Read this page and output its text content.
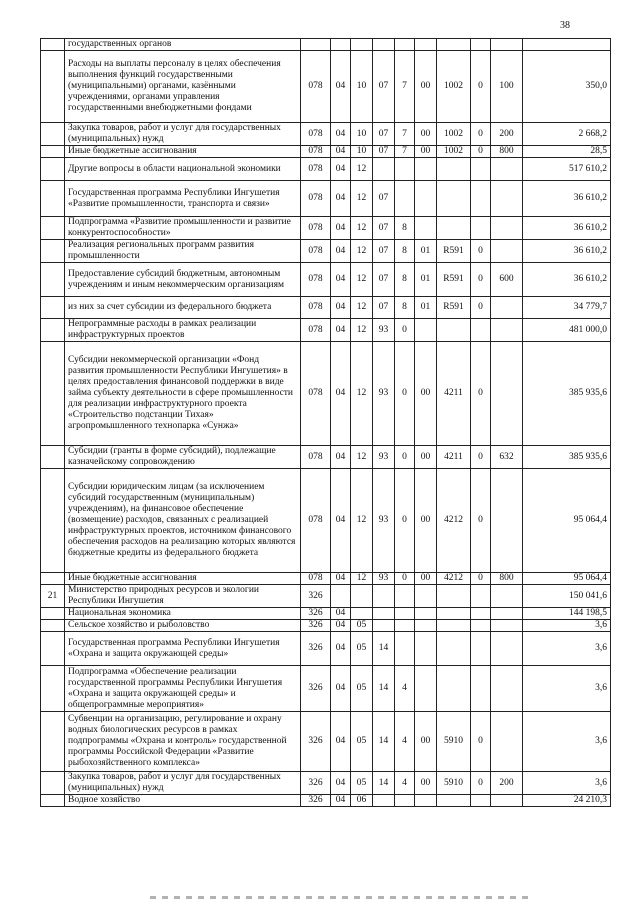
38
	государственных органов										
	Расходы на выплаты персоналу в целях обеспечения выполнения функций государственными (муниципальными) органами, казёнными учреждениями, органами управления государственными внебюджетными фондами	078	04	10	07	7	00	1002	0	100	350,0
	Закупка товаров, работ и услуг для государственных (муниципальных) нужд	078	04	10	07	7	00	1002	0	200	2 668,2
	Иные бюджетные ассигнования	078	04	10	07	7	00	1002	0	800	28,5
	Другие вопросы в области национальной экономики	078	04	12							517 610,2
	Государственная программа Республики Ингушетия «Развитие промышленности, транспорта и связи»	078	04	12	07						36 610,2
	Подпрограмма «Развитие промышленности и развитие конкурентоспособности»	078	04	12	07	8					36 610,2
	Реализация региональных программ развития промышленности	078	04	12	07	8	01	R591	0		36 610,2
	Предоставление субсидий бюджетным, автономным учреждениям и иным некоммерческим организациям	078	04	12	07	8	01	R591	0	600	36 610,2
	из них за счет субсидии из федерального бюджета	078	04	12	07	8	01	R591	0		34 779,7
	Непрограммные расходы в рамках реализации инфраструктурных проектов	078	04	12	93	0					481 000,0
	Субсидии некоммерческой организации «Фонд развития промышленности Республики Ингушетия» в целях предоставления финансовой поддержки в виде займа субъекту деятельности в сфере промышленности для реализации инфраструктурного проекта «Строительство подстанции Тихая» агропромышленного технопарка «Сунжа»	078	04	12	93	0	00	4211	0		385 935,6
	Субсидии (гранты в форме субсидий), подлежащие казначейскому сопровождению	078	04	12	93	0	00	4211	0	632	385 935,6
	Субсидии юридическим лицам (за исключением субсидий государственным (муниципальным) учреждениям), на финансовое обеспечение (возмещение) расходов, связанных с реализацией инфраструктурных проектов, источником финансового обеспечения расходов на реализацию которых являются бюджетные кредиты из федерального бюджета	078	04	12	93	0	00	4212	0		95 064,4
	Иные бюджетные ассигнования	078	04	12	93	0	00	4212	0	800	95 064,4
21	Министерство природных ресурсов и экологии Республики Ингушетия	326									150 041,6
	Национальная экономика	326	04								144 198,5
	Сельское хозяйство и рыболовство	326	04	05							3,6
	Государственная программа Республики Ингушетия «Охрана и защита окружающей среды»	326	04	05	14						3,6
	Подпрограмма «Обеспечение реализации государственной программы Республики Ингушетия «Охрана и защита окружающей среды» и общепрограммные мероприятия»	326	04	05	14	4					3,6
	Субвенции на организацию, регулирование и охрану водных биологических ресурсов в рамках подпрограммы «Охрана и контроль» государственной программы Российской Федерации «Развитие рыбохозяйственного комплекса»	326	04	05	14	4	00	5910	0		3,6
	Закупка товаров, работ и услуг для государственных (муниципальных) нужд	326	04	05	14	4	00	5910	0	200	3,6
	Водное хозяйство	326	04	06							24 210,3
